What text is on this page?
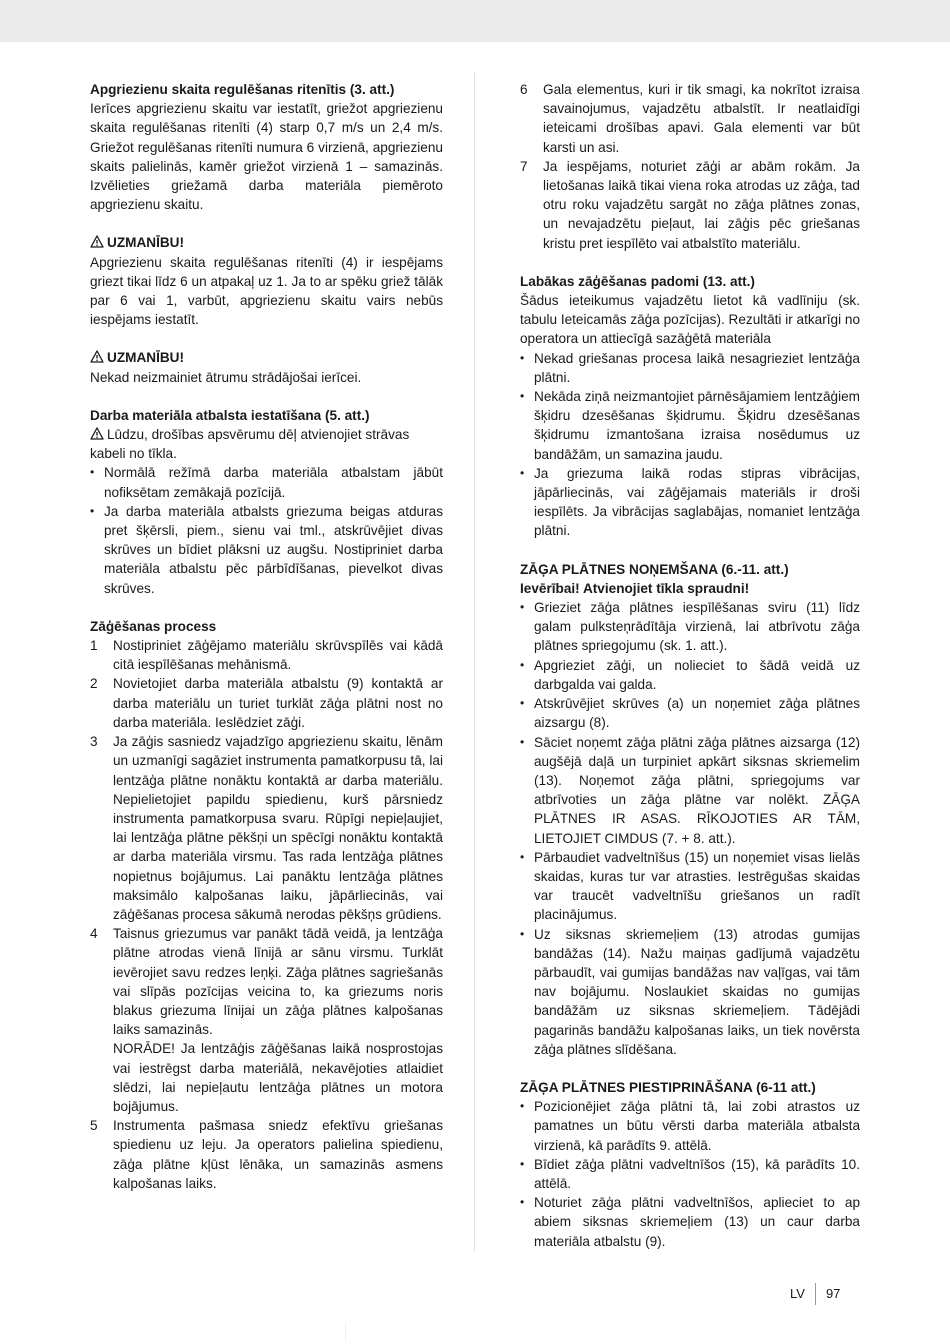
Apgriezienu skaita regulēšanas ritenītis (3. att.)

Ierīces apgriezienu skaitu var iestatīt, griežot apgriezienu skaita regulēšanas ritenīti (4) starp 0,7 m/s un 2,4 m/s. Griežot regulēšanas ritenīti numura 6 virzienā, apgriezienu skaits palielinās, kamēr griežot virzienā 1 – samazinās. Izvēlieties griežamā darba materiāla piemēroto apgriezienu skaitu.

UZMANĪBU!

Apgriezienu skaita regulēšanas ritenīti (4) ir iespējams griezt tikai līdz 6 un atpakaļ uz 1. Ja to ar spēku griež tālāk par 6 vai 1, varbūt, apgriezienu skaitu vairs nebūs iespējams iestatīt.

UZMANĪBU!

Nekad neizmainiet ātrumu strādājošai ierīcei.

Darba materiāla atbalsta iestatīšana (5. att.)

Lūdzu, drošības apsvērumu dēļ atvienojiet strāvas kabeli no tīkla.

• Normālā režīmā darba materiāla atbalstam jābūt nofiksētam zemākajā pozīcijā.
• Ja darba materiāla atbalsts griezuma beigas atduras pret šķērsli, piem., sienu vai tml., atskrūvējiet divas skrūves un bīdiet plāksni uz augšu. Nostipriniet darba materiāla atbalstu pēc pārbīdīšanas, pievelkot divas skrūves.
Zāģēšanas process
1 Nostipriniet zāģējamo materiālu skrūvspīlēs vai kādā citā iespīlēšanas mehānismā.
2 Novietojiet darba materiāla atbalstu (9) kontaktā ar darba materiālu un turiet turklāt zāģa plātni nost no darba materiāla. Ieslēdziet zāģi.
3 Ja zāģis sasniedz vajadzīgo apgriezienu skaitu, lēnām un uzmanīgi sagāziet instrumenta pamatkorpusu tā, lai lentzāģa plātne nonāktu kontaktā ar darba materiālu. Nepielietojiet papildu spiedienu, kurš pārsniedz instrumenta pamatkorpusa svaru. Rūpīgi nepieļaujiet, lai lentzāģa plātne pēkšņi un spēcīgi nonāktu kontaktā ar darba materiāla virsmu. Tas rada lentzāģa plātnes nopietnus bojājumus. Lai panāktu lentzāģa plātnes maksimālo kalpošanas laiku, jāpārliecinās, vai zāģēšanas procesa sākumā nerodas pēkšņs grūdiens.
4 Taisnus griezumus var panākt tādā veidā, ja lentzāģa plātne atrodas vienā līnijā ar sānu virsmu. Turklāt ievērojiet savu redzes leņķi. Zāģa plātnes sagriešanās vai slīpās pozīcijas veicina to, ka griezums noris blakus griezuma līnijai un zāģa plātnes kalpošanas laiks samazinās.
NORĀDE! Ja lentzāģis zāģēšanas laikā nosprostojas vai iestrēgst darba materiālā, nekavējoties atlaidiet slēdzi, lai nepieļautu lentzāģa plātnes un motora bojājumus.
5 Instrumenta pašmasa sniedz efektīvu griešanas spiedienu uz leju. Ja operators palielina spiedienu, zāģa plātne kļūst lēnāka, un samazinās asmens kalpošanas laiks.
6 Gala elementus, kuri ir tik smagi, ka nokrītot izraisa savainojumus, vajadzētu atbalstīt. Ir neatlaidīgi ieteicami drošības apavi. Gala elementi var būt karsti un asi.
7 Ja iespējams, noturiet zāģi ar abām rokām. Ja lietošanas laikā tikai viena roka atrodas uz zāģa, tad otru roku vajadzētu sargāt no zāģa plātnes zonas, un nevajadzētu pieļaut, lai zāģis pēc griešanas kristu pret iespīlēto vai atbalstīto materiālu.
Labākas zāģēšanas padomi (13. att.)

Šādus ieteikumus vajadzētu lietot kā vadlīniju (sk. tabulu Ieteicamās zāģa pozīcijas). Rezultāti ir atkarīgi no operatora un attiecīgā sazāģētā materiāla

• Nekad griešanas procesa laikā nesagrieziet lentzāģa plātni.
• Nekāda ziņā neizmantojiet pārnēsājamiem lentzāģiem šķidru dzesēšanas šķidrumu. Šķidru dzesēšanas šķidrumu izmantošana izraisa nosēdumus uz bandāžām, un samazina jaudu.
• Ja griezuma laikā rodas stipras vibrācijas, jāpārliecinās, vai zāģējamais materiāls ir droši iespīlēts. Ja vibrācijas saglabājas, nomaniet lentzāģa plātni.
ZĀĢA PLĀTNES NOŅEMŠANA (6.-11. att.)
Ievērībai! Atvienojiet tīkla spraudni!
• Grieziet zāģa plātnes iespīlēšanas sviru (11) līdz galam pulksteņrādītāja virzienā, lai atbrīvotu zāģa plātnes spriegojumu (sk. 1. att.).
• Apgrieziet zāģi, un nolieciet to šādā veidā uz darbgalda vai galda.
• Atskrūvējiet skrūves (a) un noņemiet zāģa plātnes aizsargu (8).
• Sāciet noņemt zāģa plātni zāģa plātnes aizsarga (12) augšējā daļā un turpiniet apkārt siksnas skriemelim (13). Noņemot zāģa plātni, spriegojums var atbrīvoties un zāģa plātne var nolēkt. ZĀĢA PLĀTNES IR ASAS. RĪKOJOTIES AR TĀM, LIETOJIET CIMDUS (7. + 8. att.).
• Pārbaudiet vadveltnīšus (15) un noņemiet visas lielās skaidas, kuras tur var atrasties. Iestrēgušas skaidas var traucēt vadveltnīšu griešanos un radīt placinājumus.
• Uz siksnas skriemeļiem (13) atrodas gumijas bandāžas (14). Nažu maiņas gadījumā vajadzētu pārbaudīt, vai gumijas bandāžas nav vaļīgas, vai tām nav bojājumu. Noslaukiet skaidas no gumijas bandāžām uz siksnas skriemeļiem. Tādējādi pagarinās bandāžu kalpošanas laiks, un tiek novērsta zāģa plātnes slīdēšana.
ZĀĢA PLĀTNES PIESTIPRINĀŠANA (6-11 att.)
• Pozicionējiet zāģa plātni tā, lai zobi atrastos uz pamatnes un būtu vērsti darba materiāla atbalsta virzienā, kā parādīts 9. attēlā.
• Bīdiet zāģa plātni vadveltnīšos (15), kā parādīts 10. attēlā.
• Noturiet zāģa plātni vadveltnīšos, aplieciet to ap abiem siksnas skriemeļiem (13) un caur darba materiāla atbalstu (9).
LV 97
